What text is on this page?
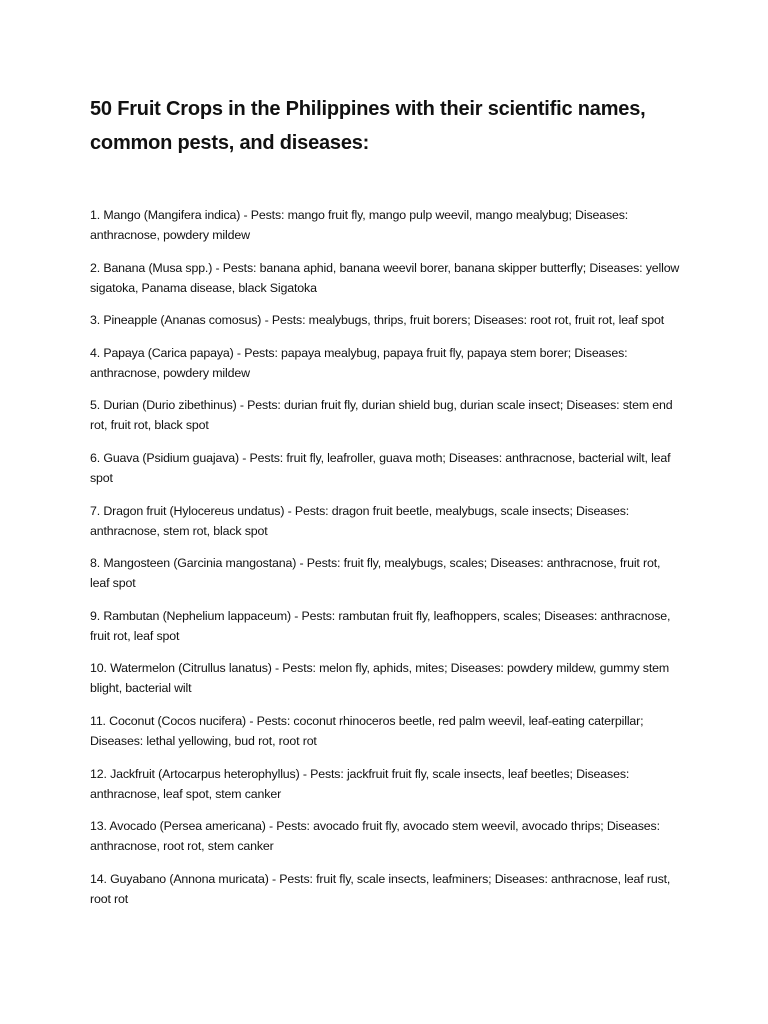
50 Fruit Crops in the Philippines with their scientific names, common pests, and diseases:
1. Mango (Mangifera indica) - Pests: mango fruit fly, mango pulp weevil, mango mealybug; Diseases: anthracnose, powdery mildew
2. Banana (Musa spp.) - Pests: banana aphid, banana weevil borer, banana skipper butterfly; Diseases: yellow sigatoka, Panama disease, black Sigatoka
3. Pineapple (Ananas comosus) - Pests: mealybugs, thrips, fruit borers; Diseases: root rot, fruit rot, leaf spot
4. Papaya (Carica papaya) - Pests: papaya mealybug, papaya fruit fly, papaya stem borer; Diseases: anthracnose, powdery mildew
5. Durian (Durio zibethinus) - Pests: durian fruit fly, durian shield bug, durian scale insect; Diseases: stem end rot, fruit rot, black spot
6. Guava (Psidium guajava) - Pests: fruit fly, leafroller, guava moth; Diseases: anthracnose, bacterial wilt, leaf spot
7. Dragon fruit (Hylocereus undatus) - Pests: dragon fruit beetle, mealybugs, scale insects; Diseases: anthracnose, stem rot, black spot
8. Mangosteen (Garcinia mangostana) - Pests: fruit fly, mealybugs, scales; Diseases: anthracnose, fruit rot, leaf spot
9. Rambutan (Nephelium lappaceum) - Pests: rambutan fruit fly, leafhoppers, scales; Diseases: anthracnose, fruit rot, leaf spot
10. Watermelon (Citrullus lanatus) - Pests: melon fly, aphids, mites; Diseases: powdery mildew, gummy stem blight, bacterial wilt
11. Coconut (Cocos nucifera) - Pests: coconut rhinoceros beetle, red palm weevil, leaf-eating caterpillar; Diseases: lethal yellowing, bud rot, root rot
12. Jackfruit (Artocarpus heterophyllus) - Pests: jackfruit fruit fly, scale insects, leaf beetles; Diseases: anthracnose, leaf spot, stem canker
13. Avocado (Persea americana) - Pests: avocado fruit fly, avocado stem weevil, avocado thrips; Diseases: anthracnose, root rot, stem canker
14. Guyabano (Annona muricata) - Pests: fruit fly, scale insects, leafminers; Diseases: anthracnose, leaf rust, root rot
